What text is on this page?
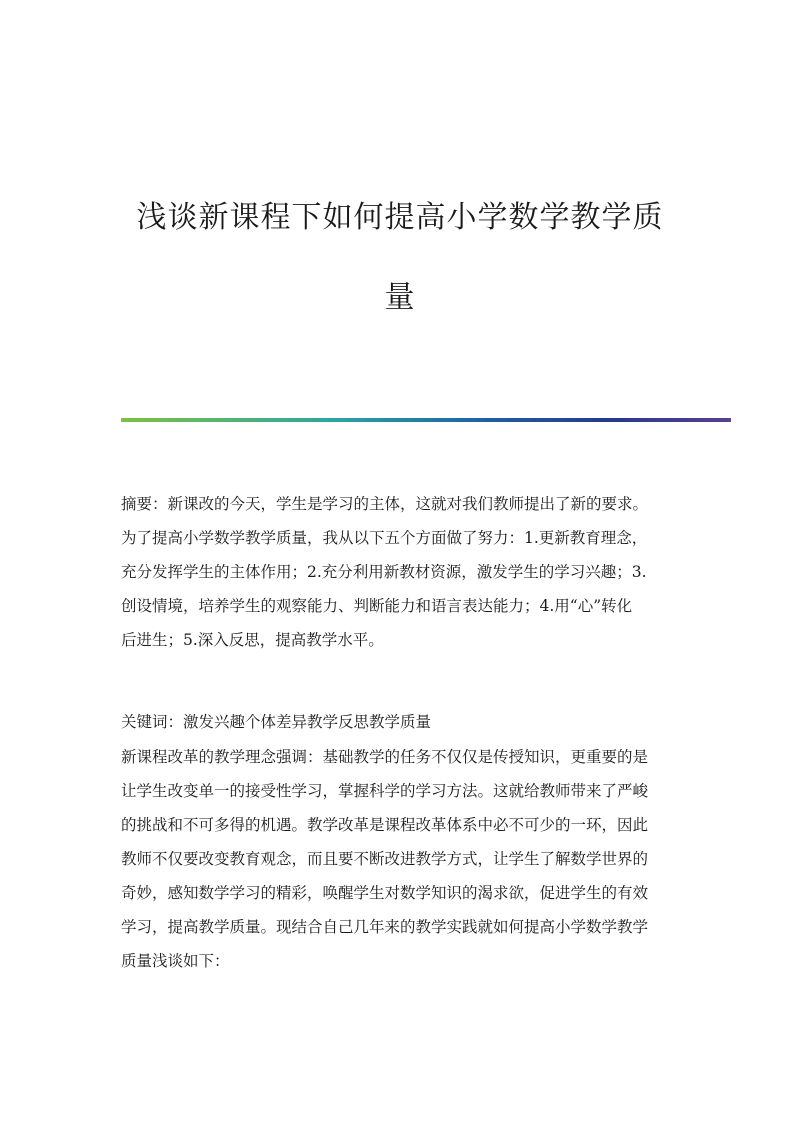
浅谈新课程下如何提高小学数学教学质
量

摘要：新课改的今天，学生是学习的主体，这就对我们教师提出了新的要求。
为了提高小学数学教学质量，我从以下五个方面做了努力：1.更新教育理念，
充分发挥学生的主体作用；2.充分利用新教材资源，激发学生的学习兴趣；3.
创设情境，培养学生的观察能力、判断能力和语言表达能力；4.用“心”转化
后进生；5.深入反思，提高教学水平。

关键词：激发兴趣个体差异教学反思教学质量

新课程改革的教学理念强调：基础教学的任务不仅仅是传授知识，更重要的是
让学生改变单一的接受性学习，掌握科学的学习方法。这就给教师带来了严峻
的挑战和不可多得的机遇。教学改革是课程改革体系中必不可少的一环，因此
教师不仅要改变教育观念，而且要不断改进教学方式，让学生了解数学世界的
奇妙，感知数学学习的精彩，唤醒学生对数学知识的渴求欲，促进学生的有效
学习，提高教学质量。现结合自己几年来的教学实践就如何提高小学数学教学
质量浅谈如下：
